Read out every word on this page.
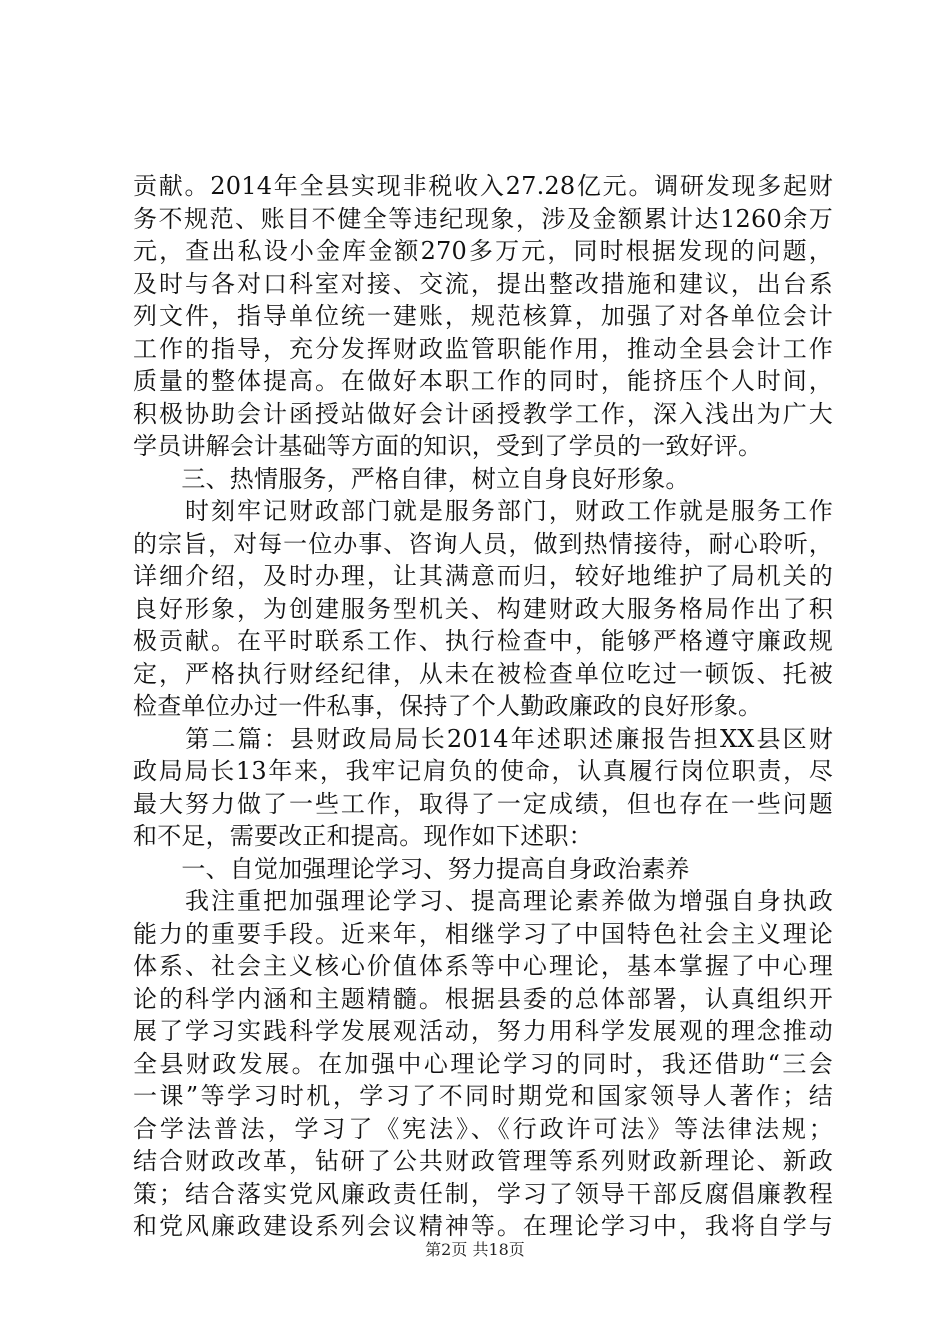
贡献。2014年全县实现非税收入27.28亿元。调研发现多起财
务不规范、账目不健全等违纪现象，涉及金额累计达1260余万
元，查出私设小金库金额270多万元，同时根据发现的问题，
及时与各对口科室对接、交流，提出整改措施和建议，出台系
列文件，指导单位统一建账，规范核算，加强了对各单位会计
工作的指导，充分发挥财政监管职能作用，推动全县会计工作
质量的整体提高。在做好本职工作的同时，能挤压个人时间，
积极协助会计函授站做好会计函授教学工作，深入浅出为广大
学员讲解会计基础等方面的知识，受到了学员的一致好评。
　　三、热情服务，严格自律，树立自身良好形象。
　　时刻牢记财政部门就是服务部门，财政工作就是服务工作
的宗旨，对每一位办事、咨询人员，做到热情接待，耐心聆听，
详细介绍，及时办理，让其满意而归，较好地维护了局机关的
良好形象，为创建服务型机关、构建财政大服务格局作出了积
极贡献。在平时联系工作、执行检查中，能够严格遵守廉政规
定，严格执行财经纪律，从未在被检查单位吃过一顿饭、托被
检查单位办过一件私事，保持了个人勤政廉政的良好形象。
　　第二篇：县财政局局长2014年述职述廉报告担XX县区财
政局局长13年来，我牢记肩负的使命，认真履行岗位职责，尽
最大努力做了一些工作，取得了一定成绩，但也存在一些问题
和不足，需要改正和提高。现作如下述职：
　　一、自觉加强理论学习、努力提高自身政治素养
　　我注重把加强理论学习、提高理论素养做为增强自身执政
能力的重要手段。近来年，相继学习了中国特色社会主义理论
体系、社会主义核心价值体系等中心理论，基本掌握了中心理
论的科学内涵和主题精髓。根据县委的总体部署，认真组织开
展了学习实践科学发展观活动，努力用科学发展观的理念推动
全县财政发展。在加强中心理论学习的同时，我还借助“三会
一课”等学习时机，学习了不同时期党和国家领导人著作；结
合学法普法，学习了《宪法》、《行政许可法》等法律法规；
结合财政改革，钻研了公共财政管理等系列财政新理论、新政
策；结合落实党风廉政责任制，学习了领导干部反腐倡廉教程
和党风廉政建设系列会议精神等。在理论学习中，我将自学与
第2页 共18页
